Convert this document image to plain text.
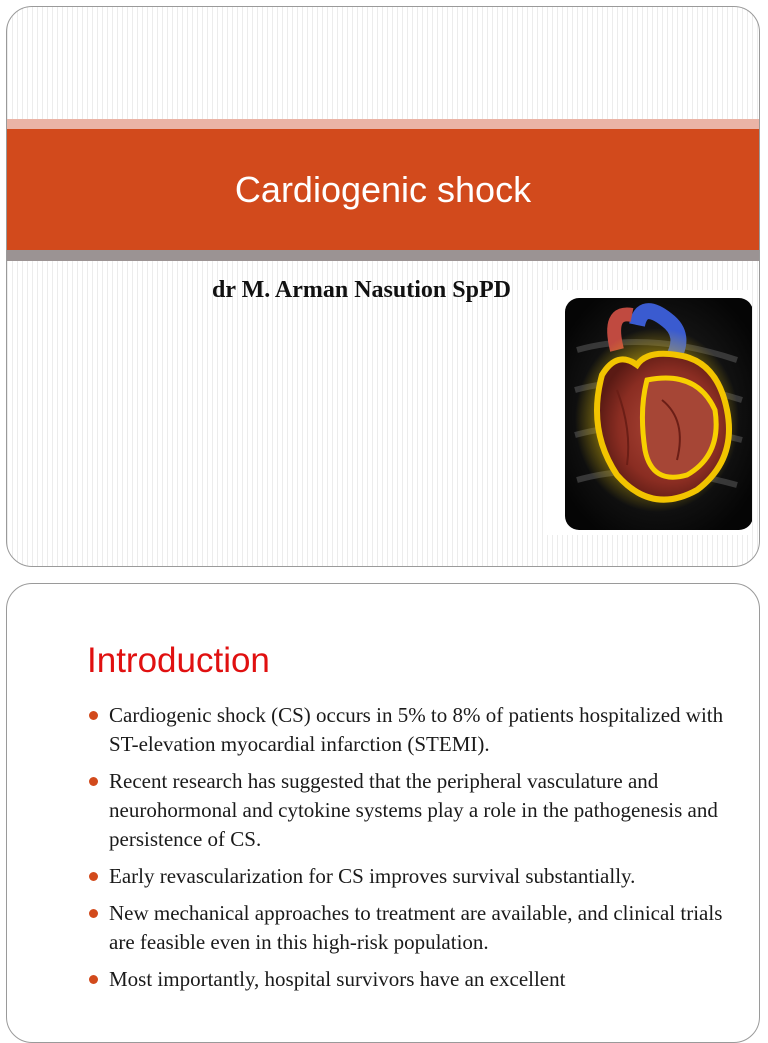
Cardiogenic shock
dr M. Arman Nasution SpPD
Introduction
Cardiogenic shock (CS) occurs in 5% to 8% of patients hospitalized with ST-elevation myocardial infarction (STEMI).
Recent research has suggested that the peripheral vasculature and neurohormonal and cytokine systems play a role in the pathogenesis and persistence of CS.
Early revascularization for CS improves survival substantially.
New mechanical approaches to treatment are available, and clinical trials are feasible even in this high-risk population.
Most importantly, hospital survivors have an excellent
